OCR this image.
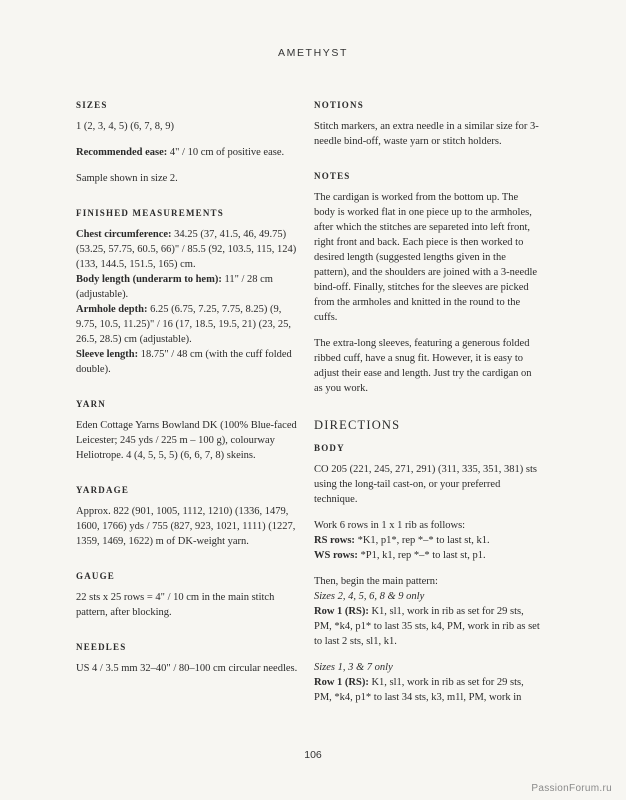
AMETHYST
SIZES

1 (2, 3, 4, 5) (6, 7, 8, 9)

Recommended ease: 4" / 10 cm of positive ease.

Sample shown in size 2.

FINISHED MEASUREMENTS

Chest circumference: 34.25 (37, 41.5, 46, 49.75) (53.25, 57.75, 60.5, 66)" / 85.5 (92, 103.5, 115, 124) (133, 144.5, 151.5, 165) cm.

Body length (underarm to hem): 11" / 28 cm (adjustable).

Armhole depth: 6.25 (6.75, 7.25, 7.75, 8.25) (9, 9.75, 10.5, 11.25)" / 16 (17, 18.5, 19.5, 21) (23, 25, 26.5, 28.5) cm (adjustable).

Sleeve length: 18.75" / 48 cm (with the cuff folded double).

YARN

Eden Cottage Yarns Bowland DK (100% Blue-faced Leicester; 245 yds / 225 m – 100 g), colourway Heliotrope. 4 (4, 5, 5, 5) (6, 6, 7, 8) skeins.

YARDAGE

Approx. 822 (901, 1005, 1112, 1210) (1336, 1479, 1600, 1766) yds / 755 (827, 923, 1021, 1111) (1227, 1359, 1469, 1622) m of DK-weight yarn.

GAUGE

22 sts x 25 rows = 4" / 10 cm in the main stitch pattern, after blocking.

NEEDLES

US 4 / 3.5 mm 32–40" / 80–100 cm circular needles.

NOTIONS

Stitch markers, an extra needle in a similar size for 3-needle bind-off, waste yarn or stitch holders.

NOTES

The cardigan is worked from the bottom up. The body is worked flat in one piece up to the armholes, after which the stitches are separeted into left front, right front and back. Each piece is then worked to desired length (suggested lengths given in the pattern), and the shoulders are joined with a 3-needle bind-off. Finally, stitches for the sleeves are picked from the armholes and knitted in the round to the cuffs.

The extra-long sleeves, featuring a generous folded ribbed cuff, have a snug fit. However, it is easy to adjust their ease and length. Just try the cardigan on as you work.

DIRECTIONS
BODY

CO 205 (221, 245, 271, 291) (311, 335, 351, 381) sts using the long-tail cast-on, or your preferred technique.

Work 6 rows in 1 x 1 rib as follows:
RS rows: *K1, p1*, rep *–* to last st, k1.
WS rows: *P1, k1, rep *–* to last st, p1.

Then, begin the main pattern:
Sizes 2, 4, 5, 6, 8 & 9 only
Row 1 (RS): K1, sl1, work in rib as set for 29 sts, PM, *k4, p1* to last 35 sts, k4, PM, work in rib as set to last 2 sts, sl1, k1.

Sizes 1, 3 & 7 only
Row 1 (RS): K1, sl1, work in rib as set for 29 sts, PM, *k4, p1* to last 34 sts, k3, m1l, PM, work in

106
PassionForum.ru
